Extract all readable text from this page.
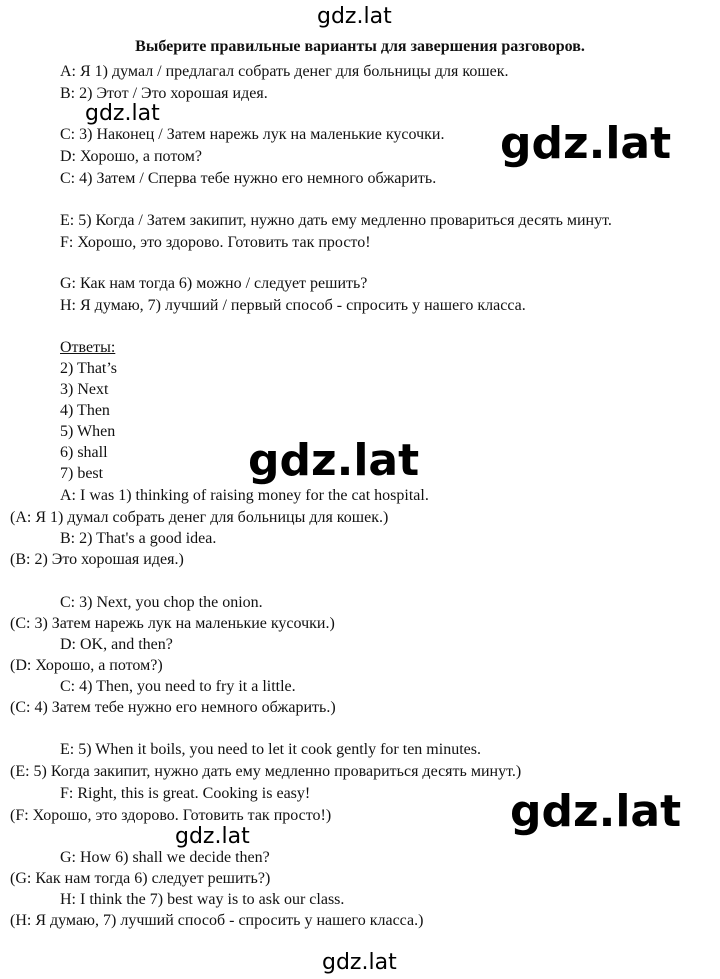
gdz.lat
Выберите правильные варианты для завершения разговоров.
A: Я 1) думал / предлагал собрать денег для больницы для кошек.
B: 2) Этот / Это хорошая идея.
gdz.lat
C: 3) Наконец / Затем нарежь лук на маленькие кусочки. gdz.lat
D: Хорошо, а потом?
C: 4) Затем / Сперва тебе нужно его немного обжарить.
E: 5) Когда / Затем закипит, нужно дать ему медленно провариться десять минут.
F: Хорошо, это здорово. Готовить так просто!
G: Как нам тогда 6) можно / следует решить?
H: Я думаю, 7) лучший / первый способ - спросить у нашего класса.
Ответы:
2) That’s
3) Next
4) Then
5) When
6) shall
7) best	gdz.lat
A: I was 1) thinking of raising money for the cat hospital.
(A: Я 1) думал собрать денег для больницы для кошек.)
B: 2) That's a good idea.
(B: 2) Это хорошая идея.)
C: 3) Next, you chop the onion.
(C: 3) Затем нарежь лук на маленькие кусочки.)
D: OK, and then?
(D: Хорошо, а потом?)
C: 4) Then, you need to fry it a little.
(C: 4) Затем тебе нужно его немного обжарить.)
E: 5) When it boils, you need to let it cook gently for ten minutes.
(E: 5) Когда закипит, нужно дать ему медленно провариться десять минут.)
F: Right, this is great. Cooking is easy!	gdz.lat
(F: Хорошо, это здорово. Готовить так просто!)
gdz.lat
G: How 6) shall we decide then?
(G: Как нам тогда 6) следует решить?)
H: I think the 7) best way is to ask our class.
(H: Я думаю, 7) лучший способ - спросить у нашего класса.)
gdz.lat
